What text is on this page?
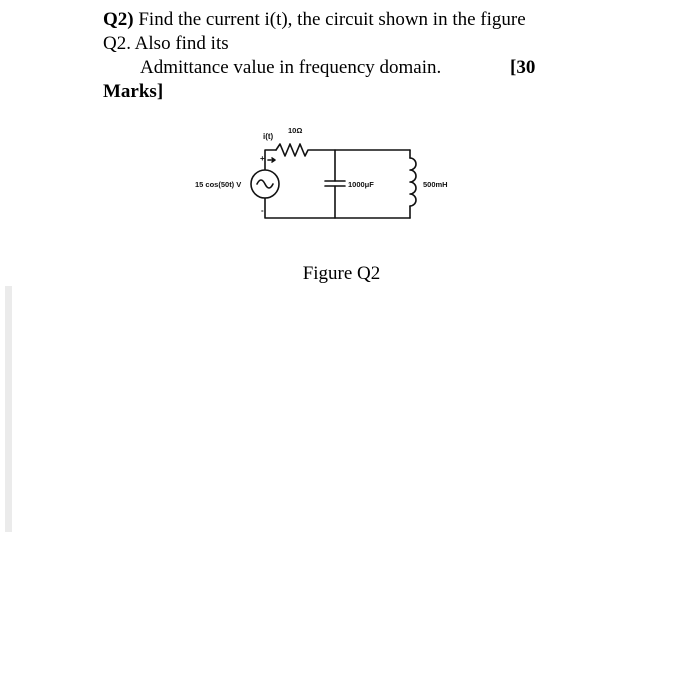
Q2) Find the current i(t), the circuit shown in the figure
Q2. Also find its
Admittance value in frequency domain.	[30
Marks]
15 cos(50t) V
i(t)
10Ω
1000μF	500mH
+
-
Figure Q2
